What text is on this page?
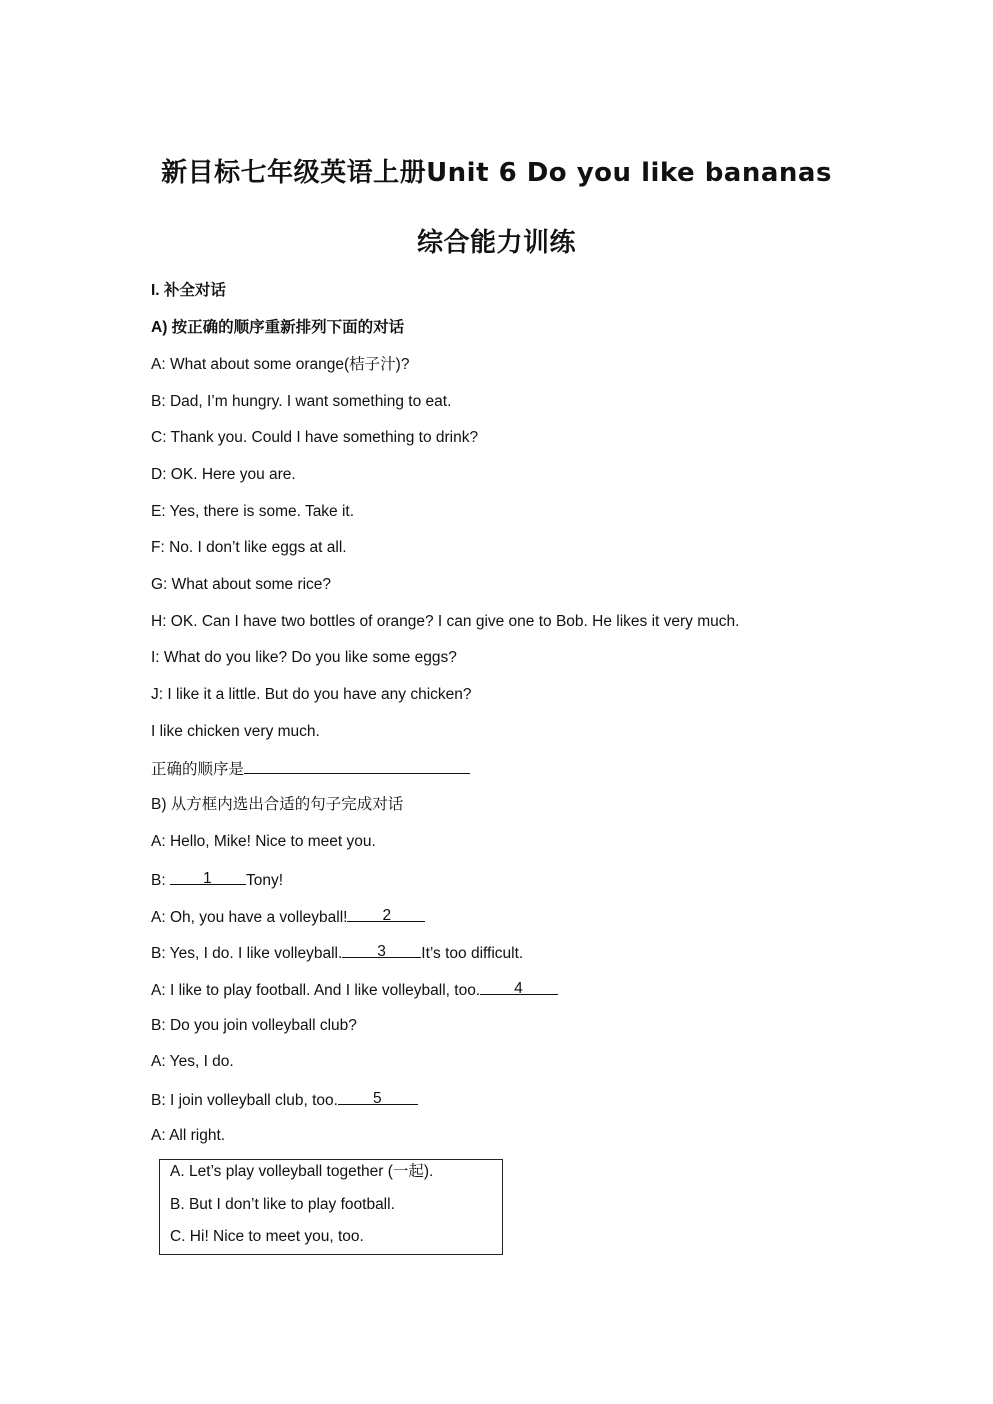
新目标七年级英语上册Unit 6 Do you like bananas
综合能力训练
I. 补全对话
A) 按正确的顺序重新排列下面的对话
A: What about some orange(桔子汁)?
B: Dad, I’m hungry. I want something to eat.
C: Thank you. Could I have something to drink?
D: OK. Here you are.
E: Yes, there is some. Take it.
F: No. I don’t like eggs at all.
G: What about some rice?
H: OK. Can I have two bottles of orange? I can give one to Bob. He likes it very much.
I: What do you like? Do you like some eggs?
J: I like it a little. But do you have any chicken?
I like chicken very much.
正确的顺序是
B) 从方框内选出合适的句子完成对话
A: Hello, Mike! Nice to meet you.
B: 1 Tony!
A: Oh, you have a volleyball! 2
B: Yes, I do. I like volleyball. 3 It’s too difficult.
A: I like to play football. And I like volleyball, too. 4
B: Do you join volleyball club?
A: Yes, I do.
B: I join volleyball club, too. 5
A: All right.
A. Let’s play volleyball together (一起).
B. But I don’t like to play football.
C. Hi! Nice to meet you, too.
